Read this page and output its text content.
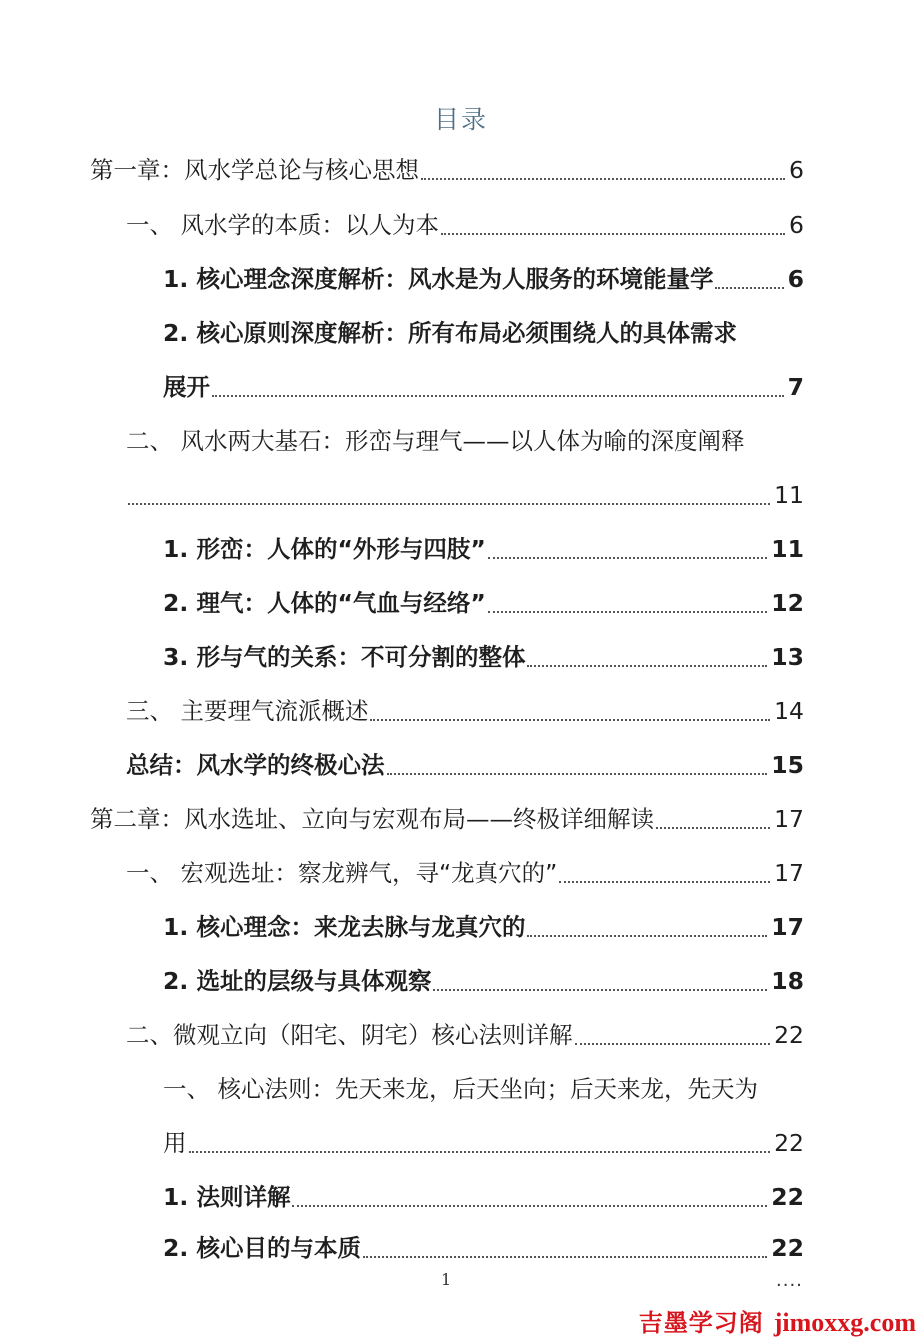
目录
第一章：风水学总论与核心思想	6
一、 风水学的本质：以人为本	6
1. 核心理念深度解析：风水是为人服务的环境能量学	6
2. 核心原则深度解析：所有布局必须围绕人的具体需求
展开	7
二、 风水两大基石：形峦与理气——以人体为喻的深度阐释
11
1. 形峦：人体的“外形与四肢”	11
2. 理气：人体的“气血与经络”	12
3. 形与气的关系：不可分割的整体	13
三、 主要理气流派概述	14
总结：风水学的终极心法	15
第二章：风水选址、立向与宏观布局——终极详细解读	17
一、 宏观选址：察龙辨气，寻“龙真穴的”	17
1. 核心理念：来龙去脉与龙真穴的	17
2. 选址的层级与具体观察	18
二、微观立向（阳宅、阴宅）核心法则详解	22
一、 核心法则：先天来龙，后天坐向；后天来龙，先天为
用	22
1. 法则详解	22
2. 核心目的与本质	22
1	....
吉墨学习阁 jimoxxg.com
